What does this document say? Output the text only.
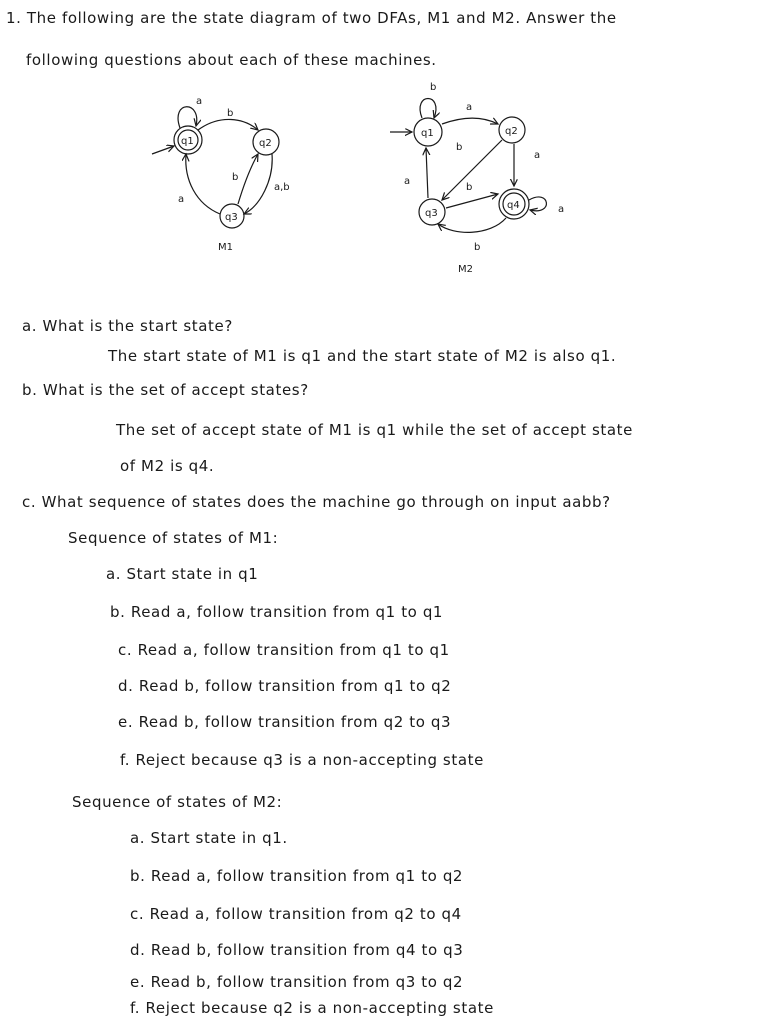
1. The following are the state diagram of two DFAs, M1 and M2. Answer the
following questions about each of these machines.
q1
a
q2
q3
b
a,b
b
a
M1
q1
b
q2
q3
q4	a
a
a
b
a
b
b
M2
a. What is the start state?
The start state of M1 is q1 and the start state of M2 is also q1.
b. What is the set of accept states?
The set of accept state of M1 is q1 while the set of accept state
of M2 is q4.
c. What sequence of states does the machine go through on input aabb?
Sequence of states of M1:
a. Start state in q1
b. Read a, follow transition from q1 to q1
c. Read a, follow transition from q1 to q1
d. Read b, follow transition from q1 to q2
e. Read b, follow transition from q2 to q3
f. Reject because q3 is a non-accepting state
Sequence of states of M2:
a. Start state in q1.
b. Read a, follow transition from q1 to q2
c. Read a, follow transition from q2 to q4
d. Read b, follow transition from q4 to q3
e. Read b, follow transition from q3 to q2
f. Reject because q2 is a non-accepting state
